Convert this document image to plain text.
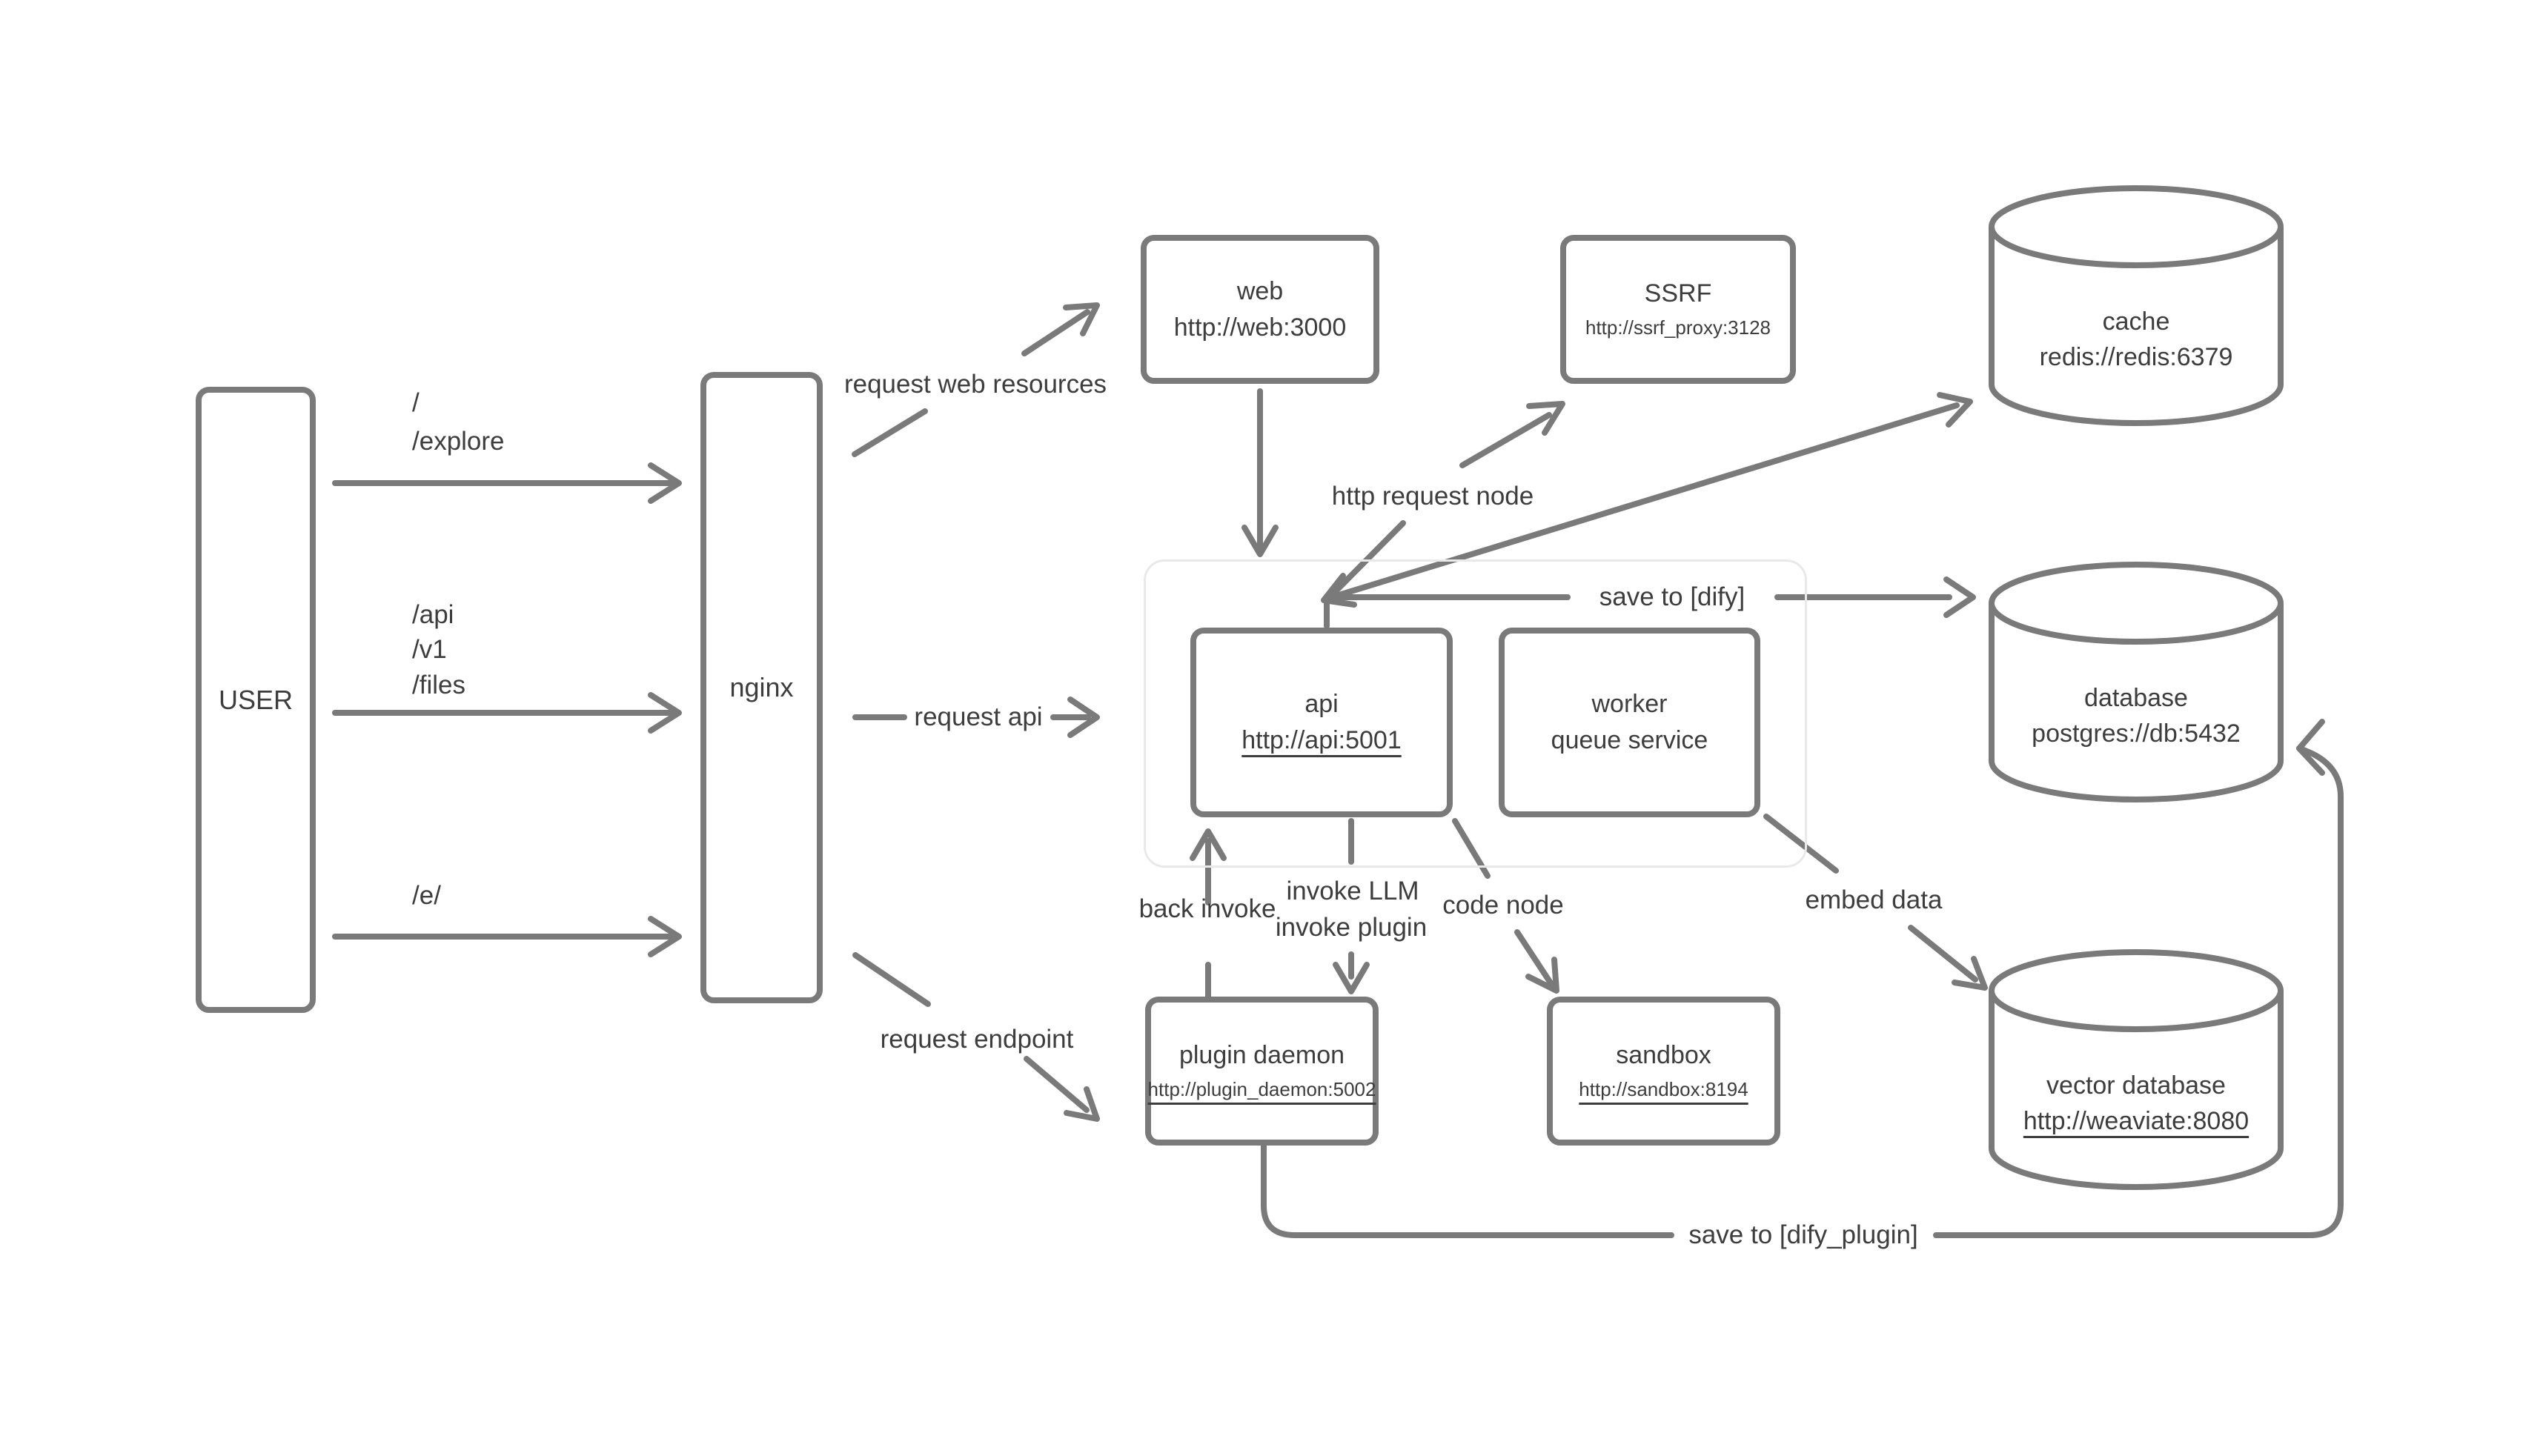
USER	nginx
web
http://web:3000
SSRF
http://ssrf_proxy:3128
api
http://api:5001
worker
queue service
plugin daemon
http://plugin_daemon:5002
sandbox
http://sandbox:8194
cache
redis://redis:6379
database
postgres://db:5432
vector database
http://weaviate:8080
/
/explore
/api
/v1
/files
/e/
request web resources
request api
request endpoint
http request node
save to [dify]
back invoke
invoke LLM
invoke plugin
code node	embed data
save to [dify_plugin]
